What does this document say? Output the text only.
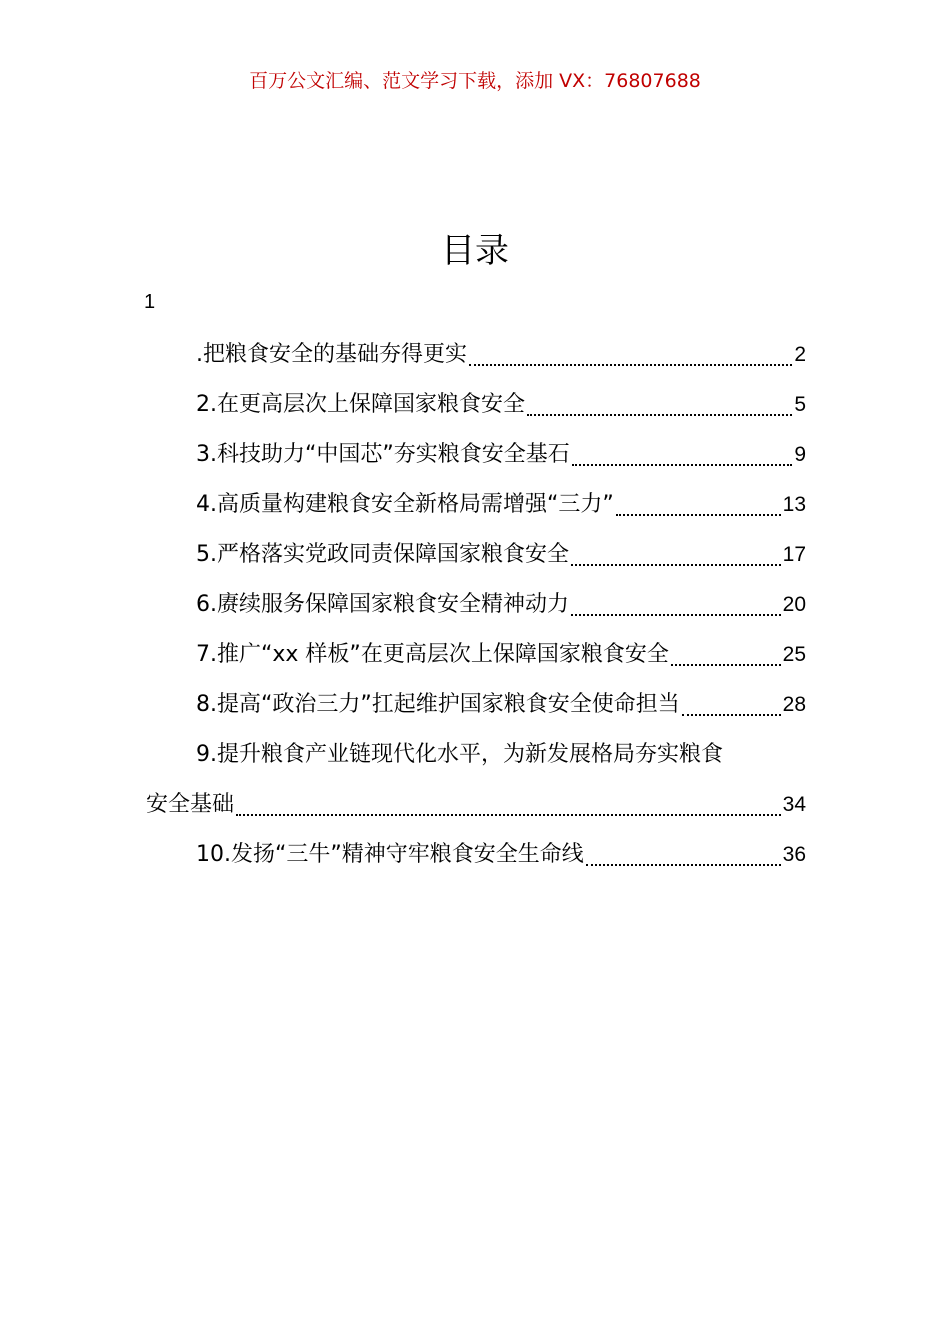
百万公文汇编、范文学习下载，添加 VX：76807688
目录
1
.把粮食安全的基础夯得更实	2
2.在更高层次上保障国家粮食安全	5
3.科技助力“中国芯”夯实粮食安全基石	9
4.高质量构建粮食安全新格局需增强“三力”	13
5.严格落实党政同责保障国家粮食安全	17
6.赓续服务保障国家粮食安全精神动力	20
7.推广“xx 样板”在更高层次上保障国家粮食安全	25
8.提高“政治三力”扛起维护国家粮食安全使命担当	28
9.提升粮食产业链现代化水平，为新发展格局夯实粮食
安全基础	34
10.发扬“三牛”精神守牢粮食安全生命线	36
